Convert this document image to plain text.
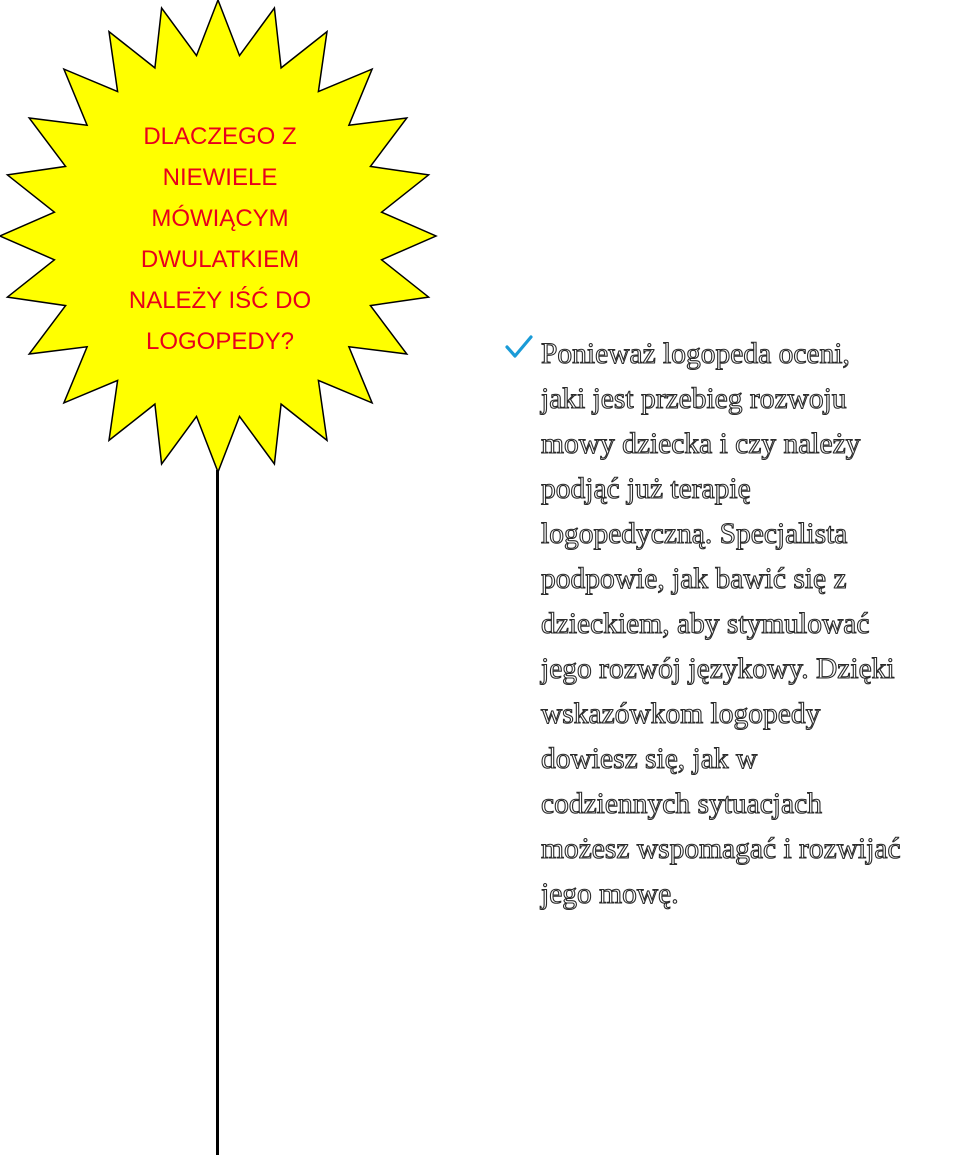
DLACZEGO Z
NIEWIELE
MÓWIĄCYM
DWULATKIEM
NALEŻY IŚĆ DO
LOGOPEDY?	Ponieważ logopeda oceni,
jaki jest przebieg rozwoju
mowy dziecka i czy należy
podjąć już terapię
logopedyczną. Specjalista
podpowie, jak bawić się z
dzieckiem, aby stymulować
jego rozwój językowy. Dzięki
wskazówkom logopedy
dowiesz się, jak w
codziennych sytuacjach
możesz wspomagać i rozwijać
jego mowę.
